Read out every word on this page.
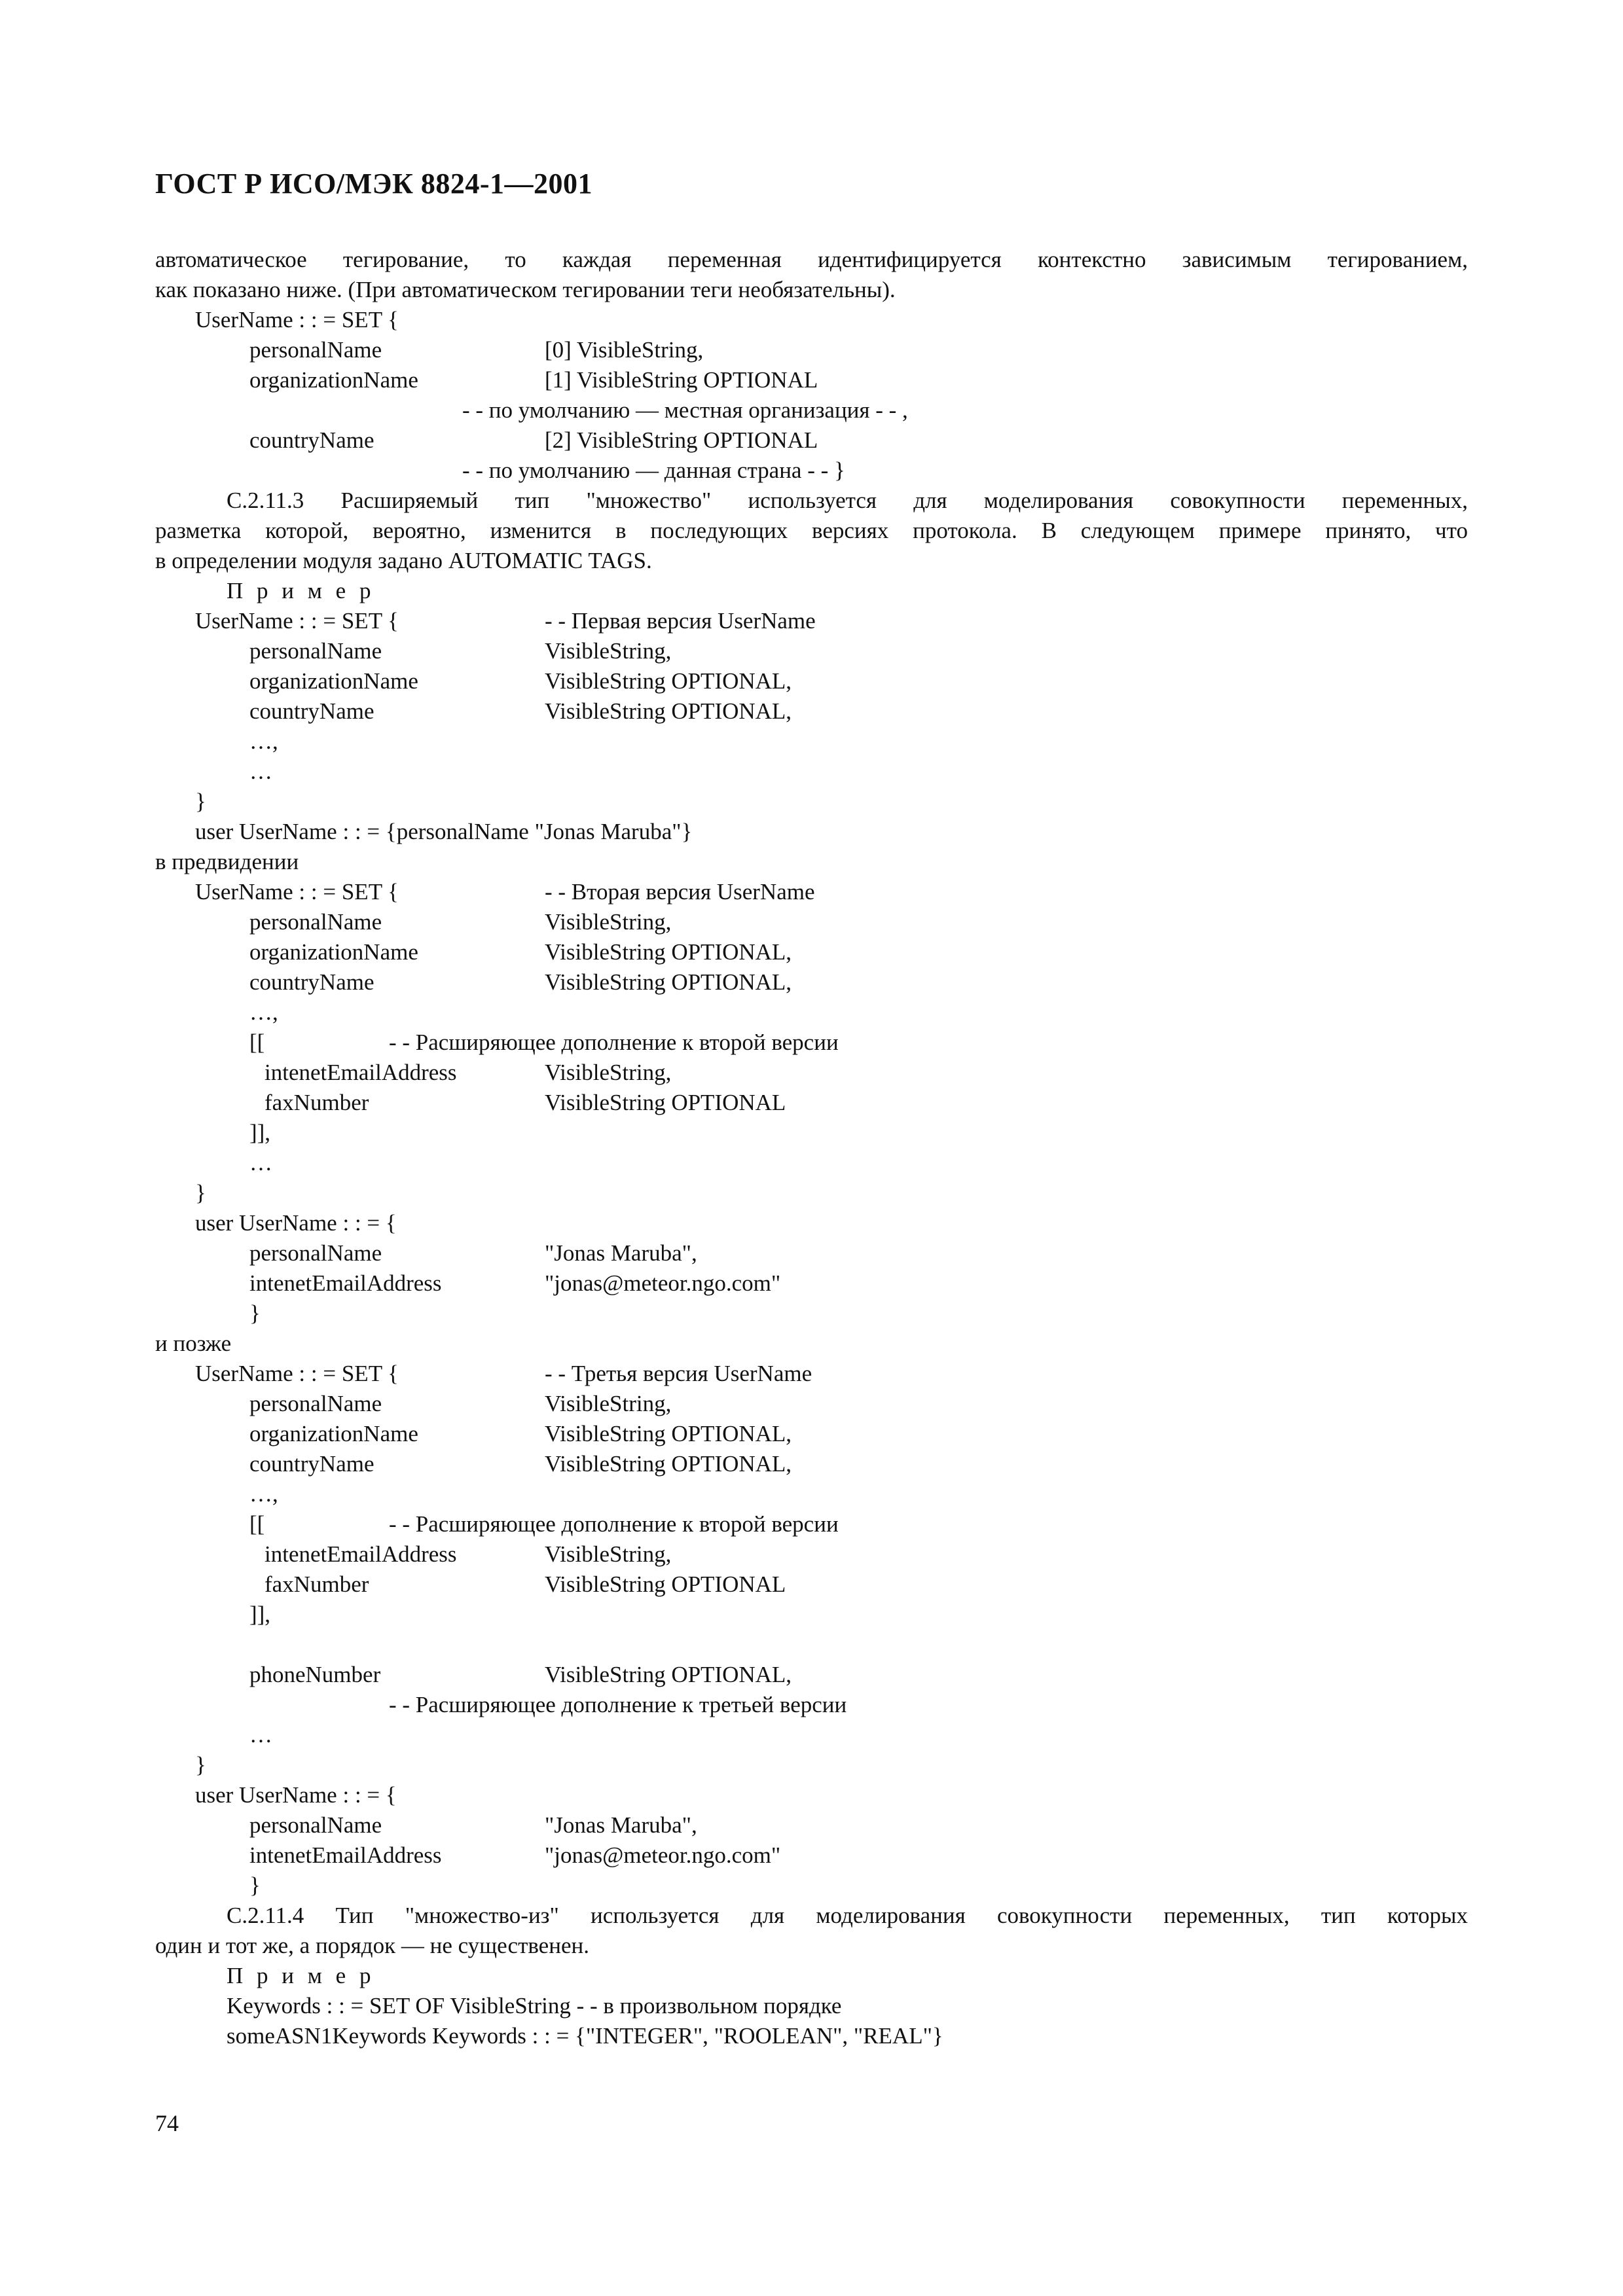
ГОСТ Р ИСО/МЭК 8824-1—2001
автоматическое тегирование, то каждая переменная идентифицируется контекстно зависимым тегированием,
как показано ниже. (При автоматическом тегировании теги необязательны).
UserName : : = SET {
personalName	[0] VisibleString,
organizationName	[1] VisibleString OPTIONAL
- - по умолчанию — местная организация - - ,
countryName	[2] VisibleString OPTIONAL
- - по умолчанию — данная страна - - }
С.2.11.3 Расширяемый тип "множество" используется для моделирования совокупности переменных,
разметка которой, вероятно, изменится в последующих версиях протокола. В следующем примере принято, что
в определении модуля задано AUTOMATIC TAGS.
П р и м е р
UserName : : = SET {	- - Первая версия UserName
personalName	VisibleString,
organizationName	VisibleString OPTIONAL,
countryName	VisibleString OPTIONAL,
…,
…
}
user UserName : : = {personalName "Jonas Maruba"}
в предвидении
UserName : : = SET {	- - Вторая версия UserName
personalName	VisibleString,
organizationName	VisibleString OPTIONAL,
countryName	VisibleString OPTIONAL,
…,
[[	- - Расширяющее дополнение к второй версии
intenetEmailAddress	VisibleString,
faxNumber	VisibleString OPTIONAL
]],
…
}
user UserName : : = {
personalName	"Jonas Maruba",
intenetEmailAddress	"jonas@meteor.ngo.com"
}
и позже
UserName : : = SET {	- - Третья версия UserName
personalName	VisibleString,
organizationName	VisibleString OPTIONAL,
countryName	VisibleString OPTIONAL,
…,
[[	- - Расширяющее дополнение к второй версии
intenetEmailAddress	VisibleString,
faxNumber	VisibleString OPTIONAL
]],
phoneNumber	VisibleString OPTIONAL,
- - Расширяющее дополнение к третьей версии
…
}
user UserName : : = {
personalName	"Jonas Maruba",
intenetEmailAddress	"jonas@meteor.ngo.com"
}
С.2.11.4 Тип "множество-из" используется для моделирования совокупности переменных, тип которых
один и тот же, а порядок — не существенен.
П р и м е р
Keywords : : = SET OF VisibleString - - в произвольном порядке
someASN1Keywords Keywords : : = {"INTEGER", "ROOLEAN", "REAL"}
74
